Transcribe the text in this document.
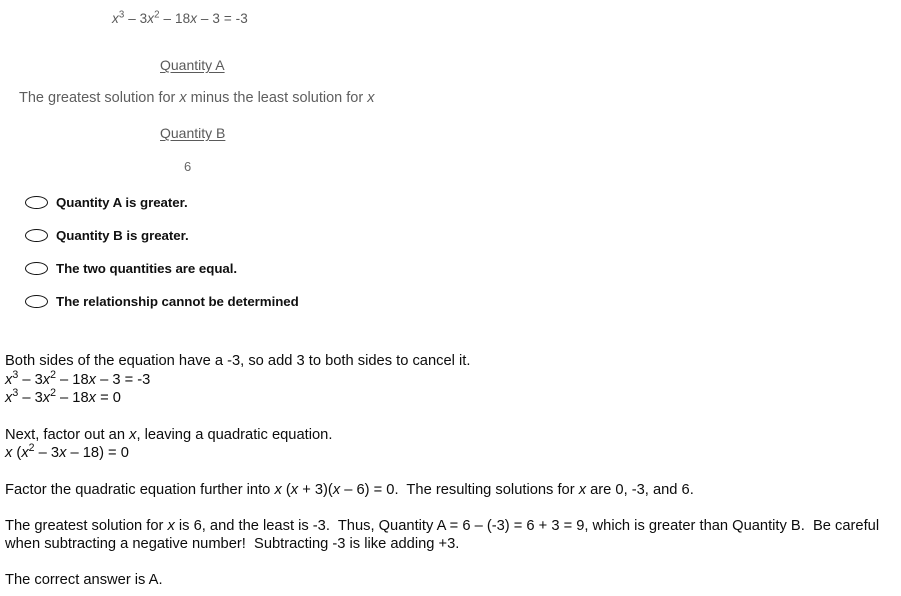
$x^3 - 3x^2 - 18x - 3 = -3$
Quantity A
The greatest solution for x minus the least solution for x
Quantity B
6
Quantity A is greater.
Quantity B is greater.
The two quantities are equal.
The relationship cannot be determined

Both sides of the equation have a -3, so add 3 to both sides to cancel it.

$x^3 - 3x^2 - 18x - 3 = -3$

$x^3 - 3x^2 - 18x = 0$

Next, factor out an x, leaving a quadratic equation.

x $(x^2 - 3x - 18) = 0$

Factor the quadratic equation further into x (x + 3)(x – 6) = 0.  The resulting solutions for x are 0, -3, and 6.

The greatest solution for x is 6, and the least is -3.  Thus, Quantity A = 6 – (-3) = 6 + 3 = 9, which is greater than Quantity B.  Be careful when subtracting a negative number!  Subtracting -3 is like adding +3.

The correct answer is A.
